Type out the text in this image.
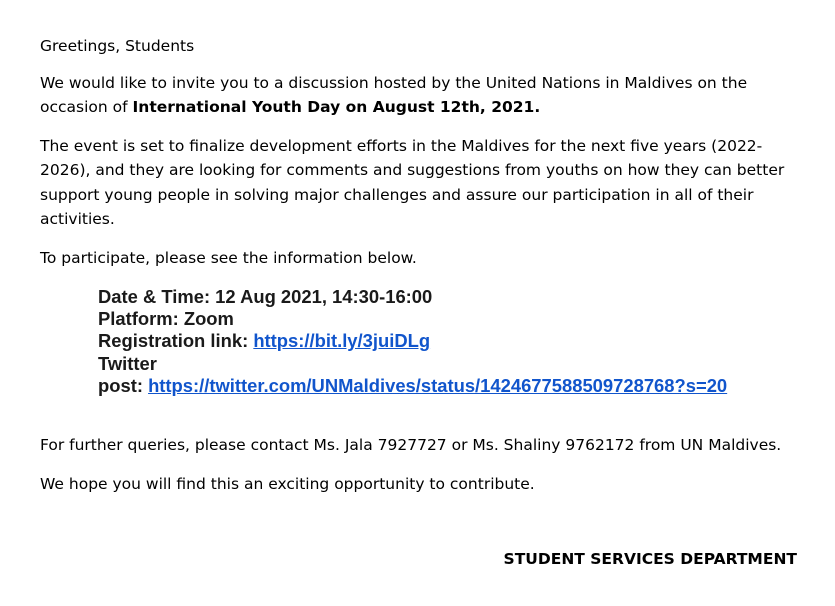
Greetings, Students

We would like to invite you to a discussion hosted by the United Nations in Maldives on the occasion of International Youth Day on August 12th, 2021.

The event is set to finalize development efforts in the Maldives for the next five years (2022-2026), and they are looking for comments and suggestions from youths on how they can better support young people in solving major challenges and assure our participation in all of their activities.

To participate, please see the information below.

Date & Time: 12 Aug 2021, 14:30-16:00
Platform: Zoom
Registration link: https://bit.ly/3juiDLg
Twitter
post: https://twitter.com/UNMaldives/status/1424677588509728768?s=20

For further queries, please contact Ms. Jala 7927727 or Ms. Shaliny 9762172 from UN Maldives.

We hope you will find this an exciting opportunity to contribute.

STUDENT SERVICES DEPARTMENT
